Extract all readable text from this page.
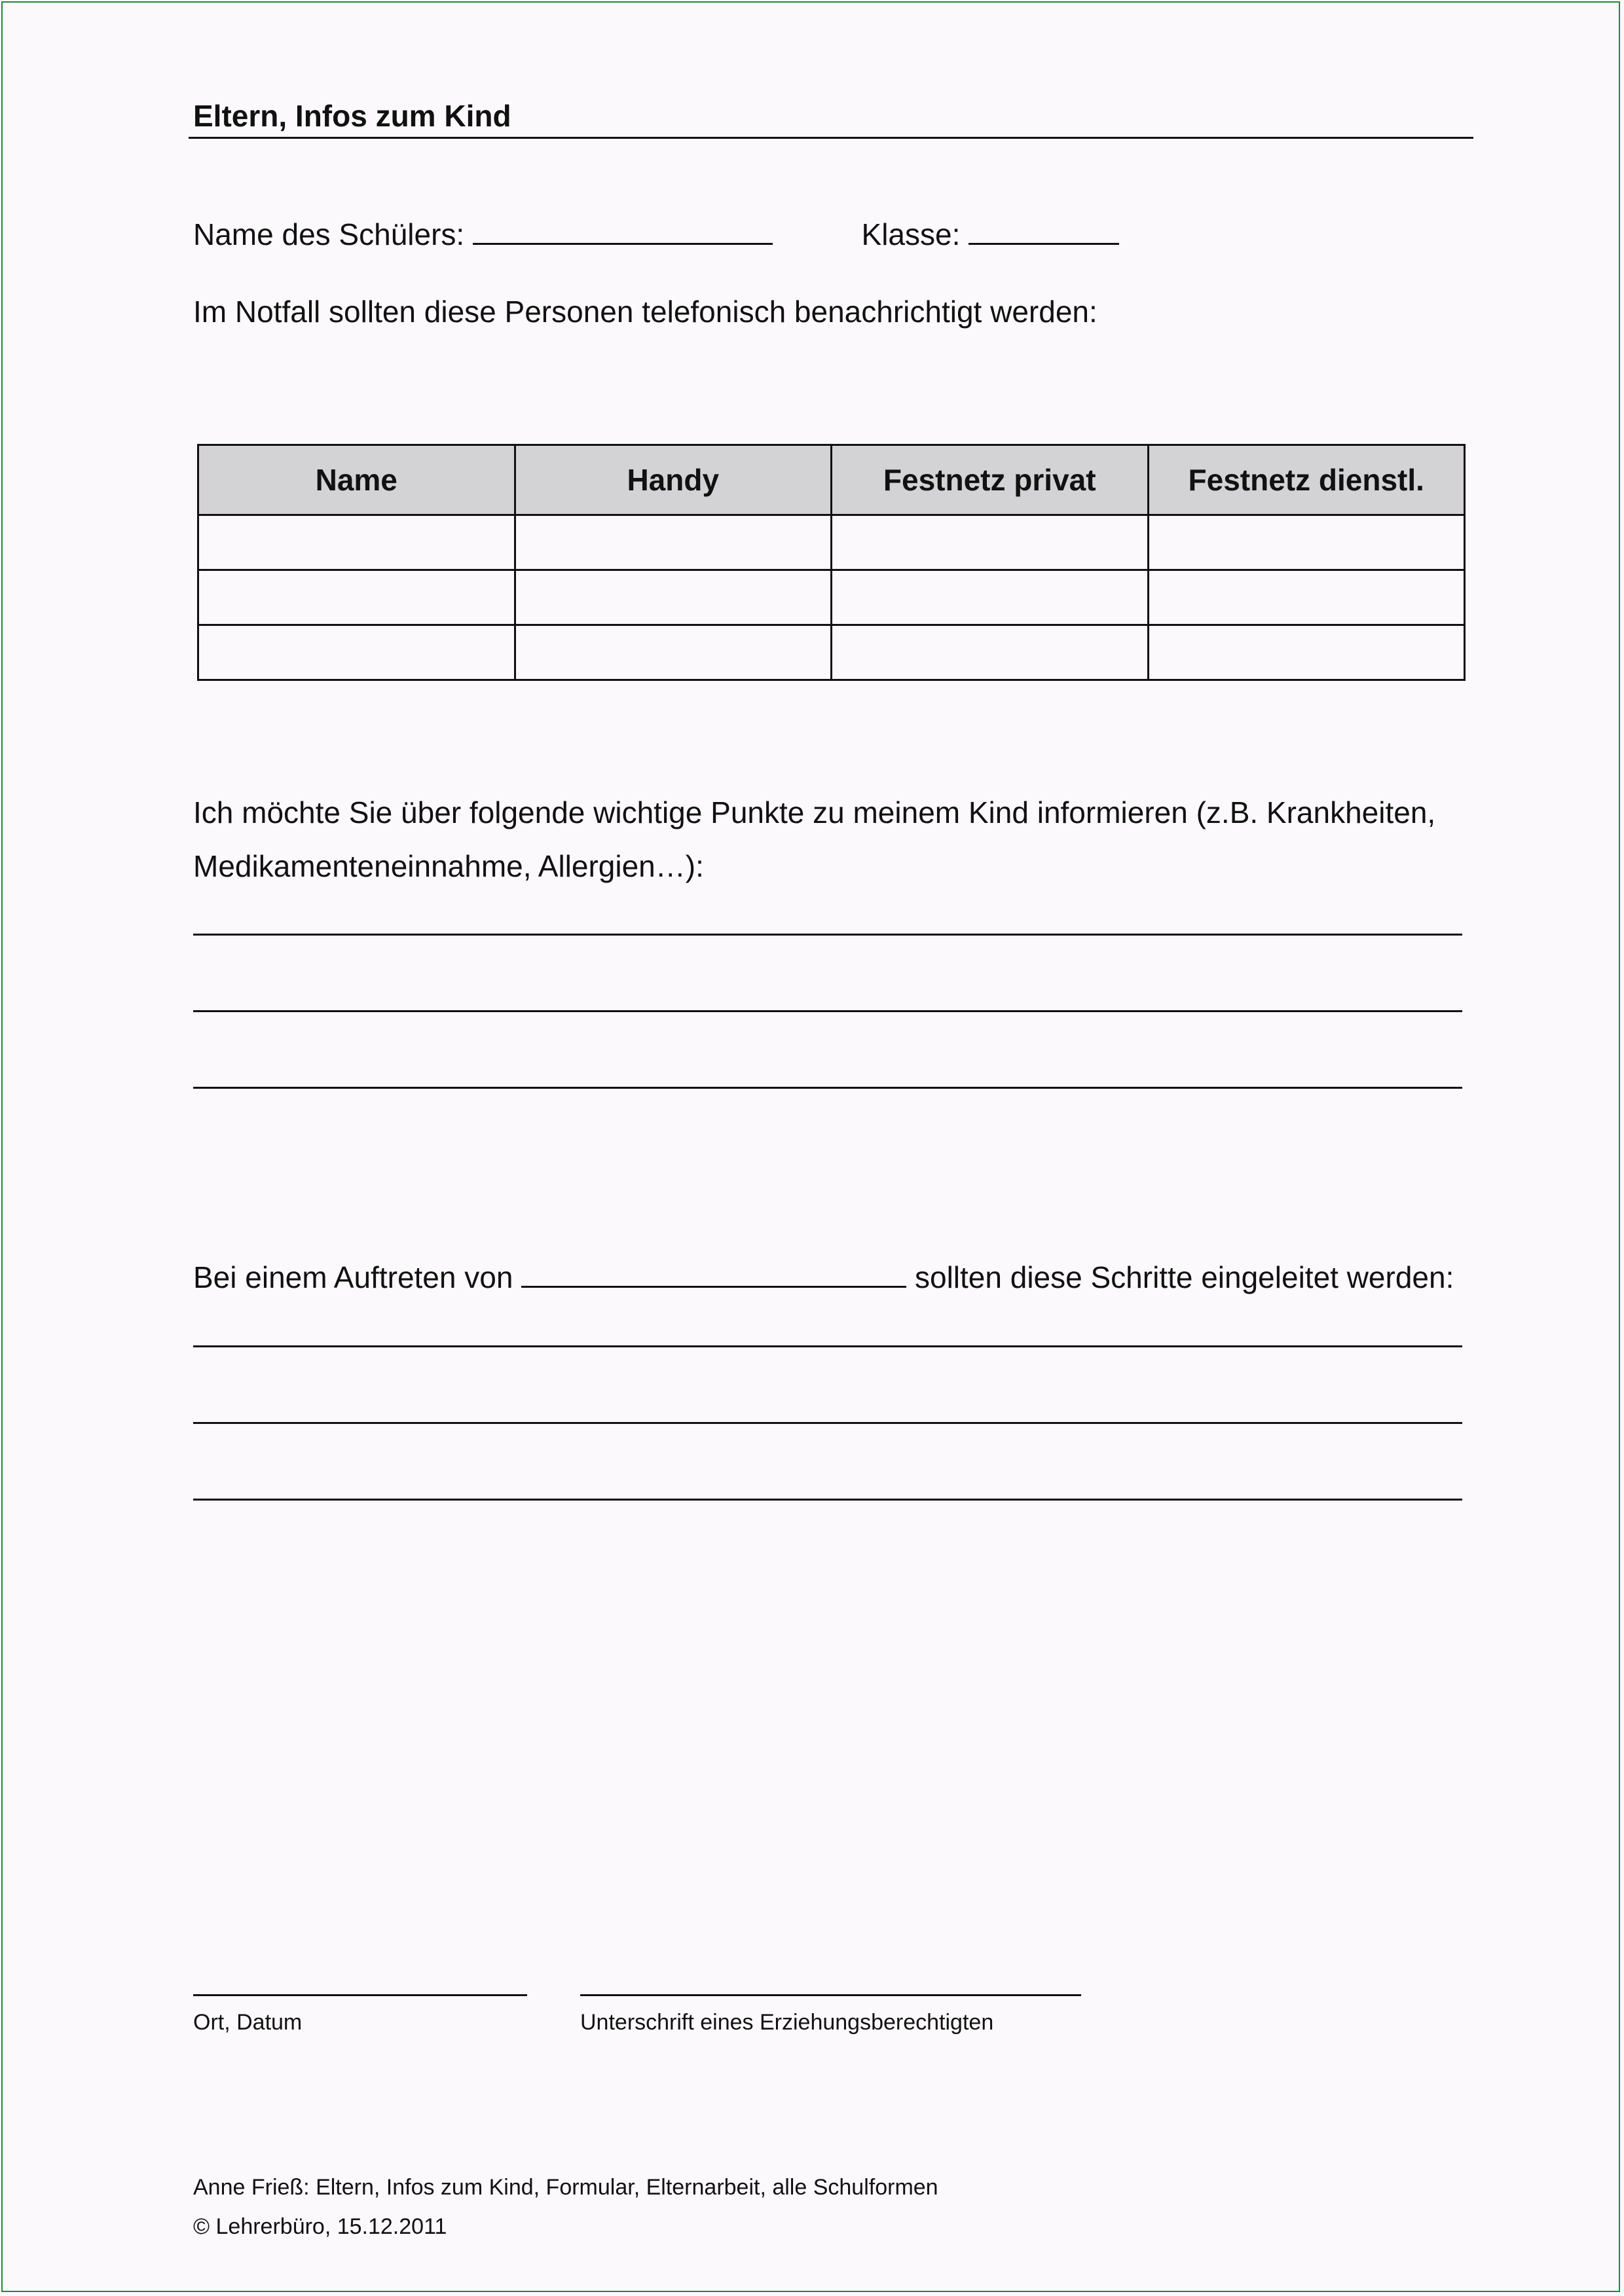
Eltern, Infos zum Kind
Name des Schülers:	Klasse:
Im Notfall sollten diese Personen telefonisch benachrichtigt werden:
Name	Handy	Festnetz privat	Festnetz dienstl.

Ich möchte Sie über folgende wichtige Punkte zu meinem Kind informieren (z.B. Krankheiten,
Medikamenteneinnahme, Allergien…):
Bei einem Auftreten von	sollten diese Schritte eingeleitet werden:
Ort, Datum	Unterschrift eines Erziehungsberechtigten
Anne Frieß: Eltern, Infos zum Kind, Formular, Elternarbeit, alle Schulformen
© Lehrerbüro, 15.12.2011
